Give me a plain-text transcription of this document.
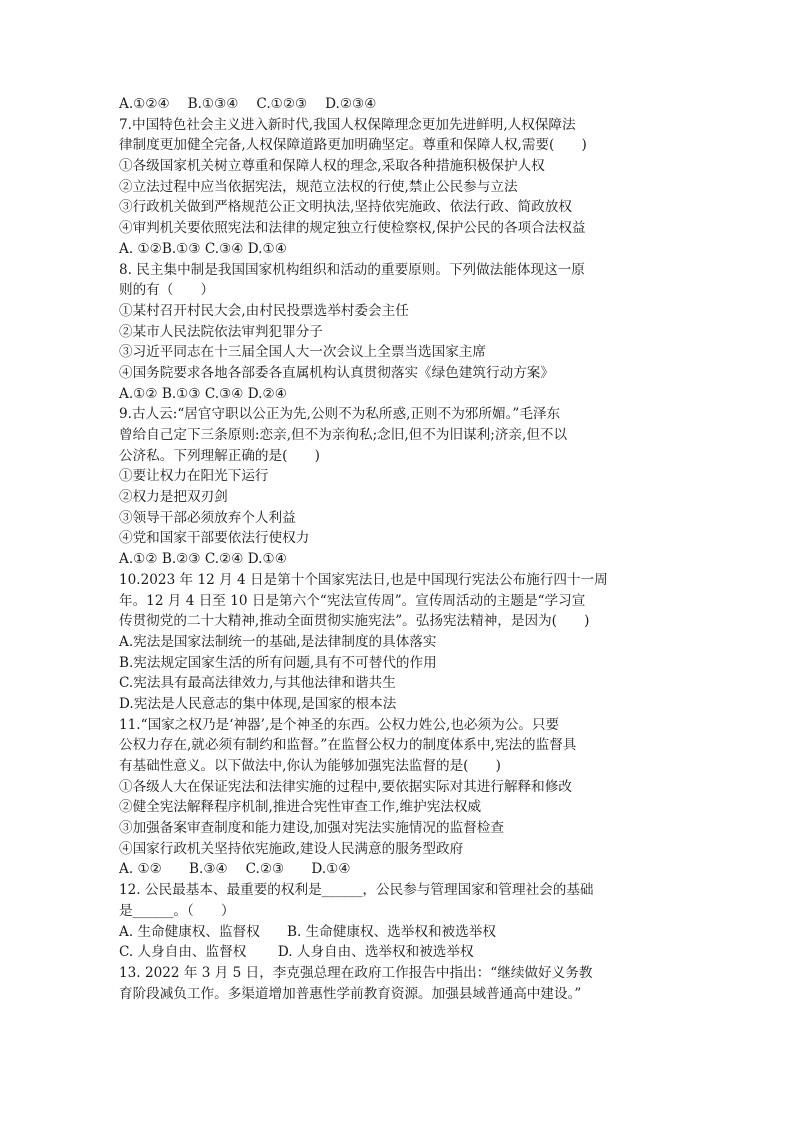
A.①②④　 B.①③④　 C.①②③　 D.②③④
7.中国特色社会主义进入新时代,我国人权保障理念更加先进鲜明,人权保障法
律制度更加健全完备,人权保障道路更加明确坚定。尊重和保障人权,需要(　　)
①各级国家机关树立尊重和保障人权的理念,采取各种措施积极保护人权
②立法过程中应当依据宪法，规范立法权的行使,禁止公民参与立法
③行政机关做到严格规范公正文明执法,坚持依宪施政、依法行政、简政放权
④审判机关要依照宪法和法律的规定独立行使检察权,保护公民的各项合法权益
A. ①②B.①③ C.③④ D.①④
8. 民主集中制是我国国家机构组织和活动的重要原则。下列做法能体现这一原
则的有（　　）
①某村召开村民大会,由村民投票选举村委会主任
②某市人民法院依法审判犯罪分子
③习近平同志在十三届全国人大一次会议上全票当选国家主席
④国务院要求各地各部委各直属机构认真贯彻落实《绿色建筑行动方案》
A.①② B.①③ C.③④ D.②④
9.古人云:“居官守职以公正为先,公则不为私所惑,正则不为邪所媚。”毛泽东
曾给自己定下三条原则:恋亲,但不为亲徇私;念旧,但不为旧谋利;济亲,但不以
公济私。下列理解正确的是(　　)
①要让权力在阳光下运行
②权力是把双刃剑
③领导干部必须放弃个人利益
④党和国家干部要依法行使权力
A.①② B.②③ C.②④ D.①④
10.2023 年 12 月 4 日是第十个国家宪法日,也是中国现行宪法公布施行四十一周
年。12 月 4 日至 10 日是第六个“宪法宣传周”。宣传周活动的主题是“学习宣
传贯彻党的二十大精神,推动全面贯彻实施宪法”。弘扬宪法精神，是因为(　　)
A.宪法是国家法制统一的基础,是法律制度的具体落实
B.宪法规定国家生活的所有问题,具有不可替代的作用
C.宪法具有最高法律效力,与其他法律和谐共生
D.宪法是人民意志的集中体现,是国家的根本法
11.“国家之权乃是‘神器’,是个神圣的东西。公权力姓公,也必须为公。只要
公权力存在,就必须有制约和监督。”在监督公权力的制度体系中,宪法的监督具
有基础性意义。以下做法中,你认为能够加强宪法监督的是(　　)
①各级人大在保证宪法和法律实施的过程中,要依据实际对其进行解释和修改
②健全宪法解释程序机制,推进合宪性审查工作,维护宪法权威
③加强备案审查制度和能力建设,加强对宪法实施情况的监督检查
④国家行政机关坚持依宪施政,建设人民满意的服务型政府
A. ①②　　B.③④　 C.②③　　D.①④
12. 公民最基本、最重要的权利是______，公民参与管理国家和管理社会的基础
是______。（　　）
A. 生命健康权、监督权　　B. 生命健康权、选举权和被选举权
C. 人身自由、监督权　　 D. 人身自由、选举权和被选举权
13. 2022 年 3 月 5 日，李克强总理在政府工作报告中指出：“继续做好义务教
育阶段减负工作。多渠道增加普惠性学前教育资源。加强县域普通高中建设。”
